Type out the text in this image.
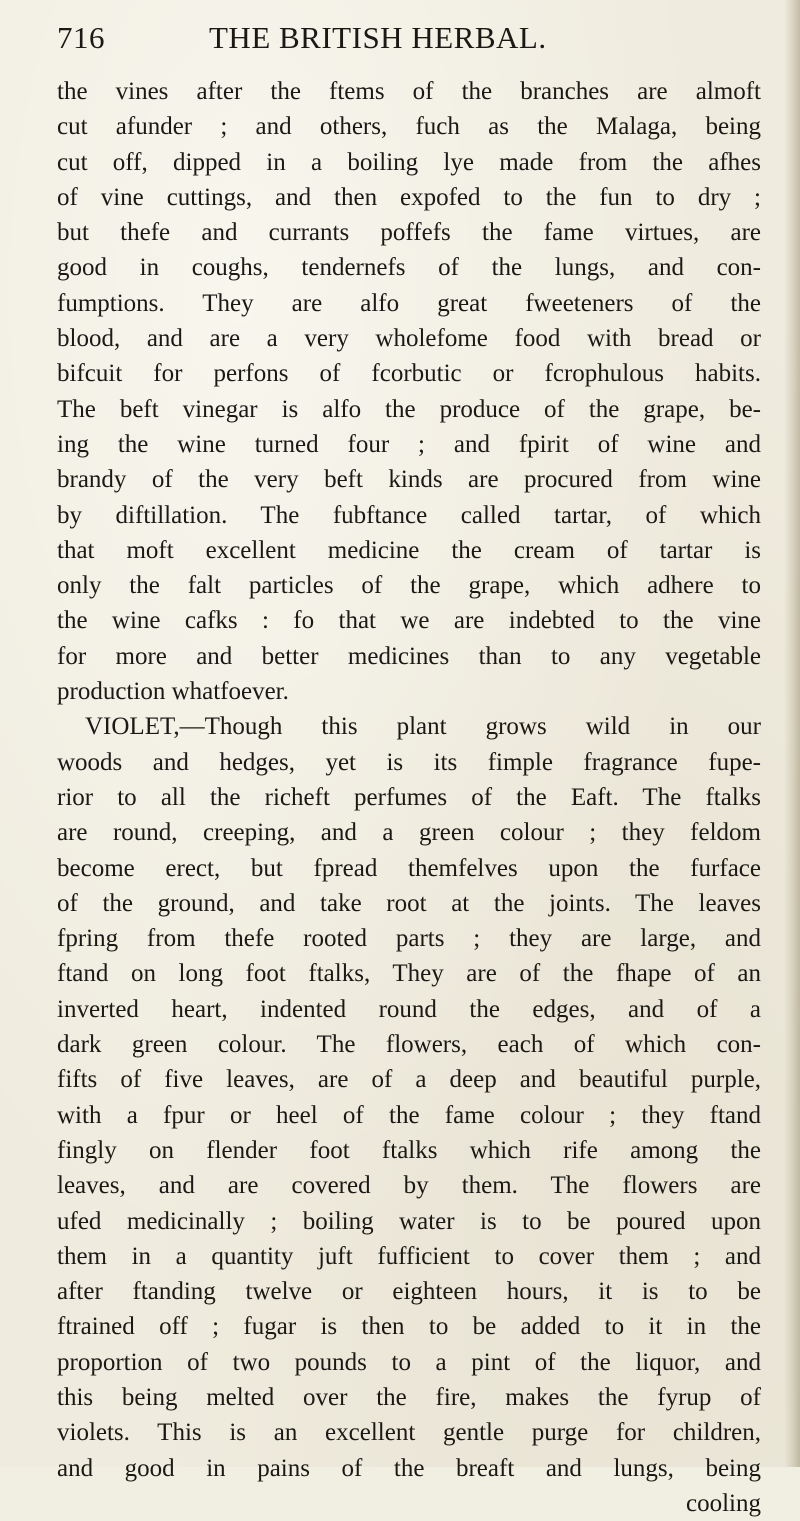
716	THE BRITISH HERBAL.
the vines after the ftems of the branches are almoft
cut afunder ; and others, fuch as the Malaga, being
cut off, dipped in a boiling lye made from the afhes
of vine cuttings, and then expofed to the fun to dry ;
but thefe and currants poffefs the fame virtues, are
good in coughs, tendernefs of the lungs, and con-
fumptions. They are alfo great fweeteners of the
blood, and are a very wholefome food with bread or
bifcuit for perfons of fcorbutic or fcrophulous habits.
The beft vinegar is alfo the produce of the grape, be-
ing the wine turned four ; and fpirit of wine and
brandy of the very beft kinds are procured from wine
by diftillation. The fubftance called tartar, of which
that moft excellent medicine the cream of tartar is
only the falt particles of the grape, which adhere to
the wine cafks : fo that we are indebted to the vine
for more and better medicines than to any vegetable
production whatfoever.
VIOLET,—Though this plant grows wild in our
woods and hedges, yet is its fimple fragrance fupe-
rior to all the richeft perfumes of the Eaft. The ftalks
are round, creeping, and a green colour ; they feldom
become erect, but fpread themfelves upon the furface
of the ground, and take root at the joints. The leaves
fpring from thefe rooted parts ; they are large, and
ftand on long foot ftalks, They are of the fhape of an
inverted heart, indented round the edges, and of a
dark green colour. The flowers, each of which con-
fifts of five leaves, are of a deep and beautiful purple,
with a fpur or heel of the fame colour ; they ftand
fingly on flender foot ftalks which rife among the
leaves, and are covered by them. The flowers are
ufed medicinally ; boiling water is to be poured upon
them in a quantity juft fufficient to cover them ; and
after ftanding twelve or eighteen hours, it is to be
ftrained off ; fugar is then to be added to it in the
proportion of two pounds to a pint of the liquor, and
this being melted over the fire, makes the fyrup of
violets. This is an excellent gentle purge for children,
and good in pains of the breaft and lungs, being
cooling
